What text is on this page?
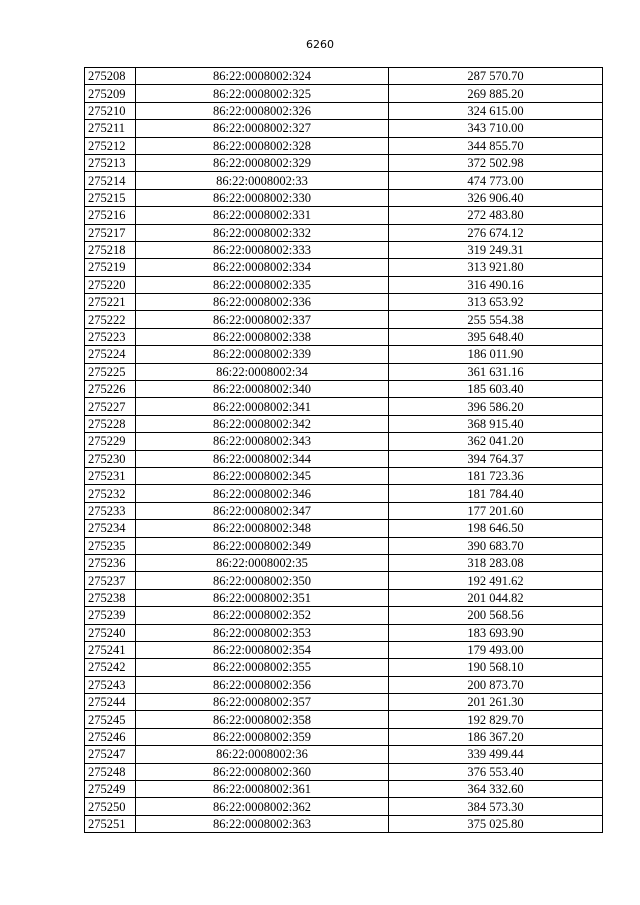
6260
275208	86:22:0008002:324	287 570.70
275209	86:22:0008002:325	269 885.20
275210	86:22:0008002:326	324 615.00
275211	86:22:0008002:327	343 710.00
275212	86:22:0008002:328	344 855.70
275213	86:22:0008002:329	372 502.98
275214	86:22:0008002:33	474 773.00
275215	86:22:0008002:330	326 906.40
275216	86:22:0008002:331	272 483.80
275217	86:22:0008002:332	276 674.12
275218	86:22:0008002:333	319 249.31
275219	86:22:0008002:334	313 921.80
275220	86:22:0008002:335	316 490.16
275221	86:22:0008002:336	313 653.92
275222	86:22:0008002:337	255 554.38
275223	86:22:0008002:338	395 648.40
275224	86:22:0008002:339	186 011.90
275225	86:22:0008002:34	361 631.16
275226	86:22:0008002:340	185 603.40
275227	86:22:0008002:341	396 586.20
275228	86:22:0008002:342	368 915.40
275229	86:22:0008002:343	362 041.20
275230	86:22:0008002:344	394 764.37
275231	86:22:0008002:345	181 723.36
275232	86:22:0008002:346	181 784.40
275233	86:22:0008002:347	177 201.60
275234	86:22:0008002:348	198 646.50
275235	86:22:0008002:349	390 683.70
275236	86:22:0008002:35	318 283.08
275237	86:22:0008002:350	192 491.62
275238	86:22:0008002:351	201 044.82
275239	86:22:0008002:352	200 568.56
275240	86:22:0008002:353	183 693.90
275241	86:22:0008002:354	179 493.00
275242	86:22:0008002:355	190 568.10
275243	86:22:0008002:356	200 873.70
275244	86:22:0008002:357	201 261.30
275245	86:22:0008002:358	192 829.70
275246	86:22:0008002:359	186 367.20
275247	86:22:0008002:36	339 499.44
275248	86:22:0008002:360	376 553.40
275249	86:22:0008002:361	364 332.60
275250	86:22:0008002:362	384 573.30
275251	86:22:0008002:363	375 025.80
